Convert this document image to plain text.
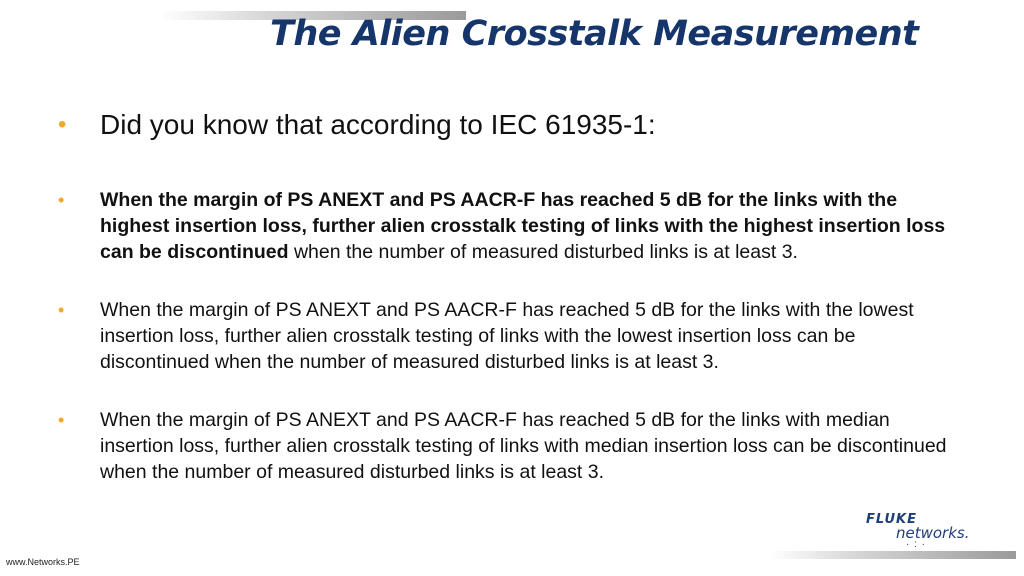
The Alien Crosstalk Measurement
•	Did you know that according to IEC 61935-1:
•	When the margin of PS ANEXT and PS AACR-F has reached 5 dB for the links with the highest insertion loss, further alien crosstalk testing of links with the highest insertion loss can be discontinued when the number of measured disturbed links is at least 3.
•	When the margin of PS ANEXT and PS AACR-F has reached 5 dB for the links with the lowest insertion loss, further alien crosstalk testing of links with the lowest insertion loss can be discontinued when the number of measured disturbed links is at least 3.
•	When the margin of PS ANEXT and PS AACR-F has reached 5 dB for the links with median insertion loss, further alien crosstalk testing of links with median insertion loss can be discontinued when the number of measured disturbed links is at least 3.
FLUKE
networks.
· : ·
www.Networks.PE
